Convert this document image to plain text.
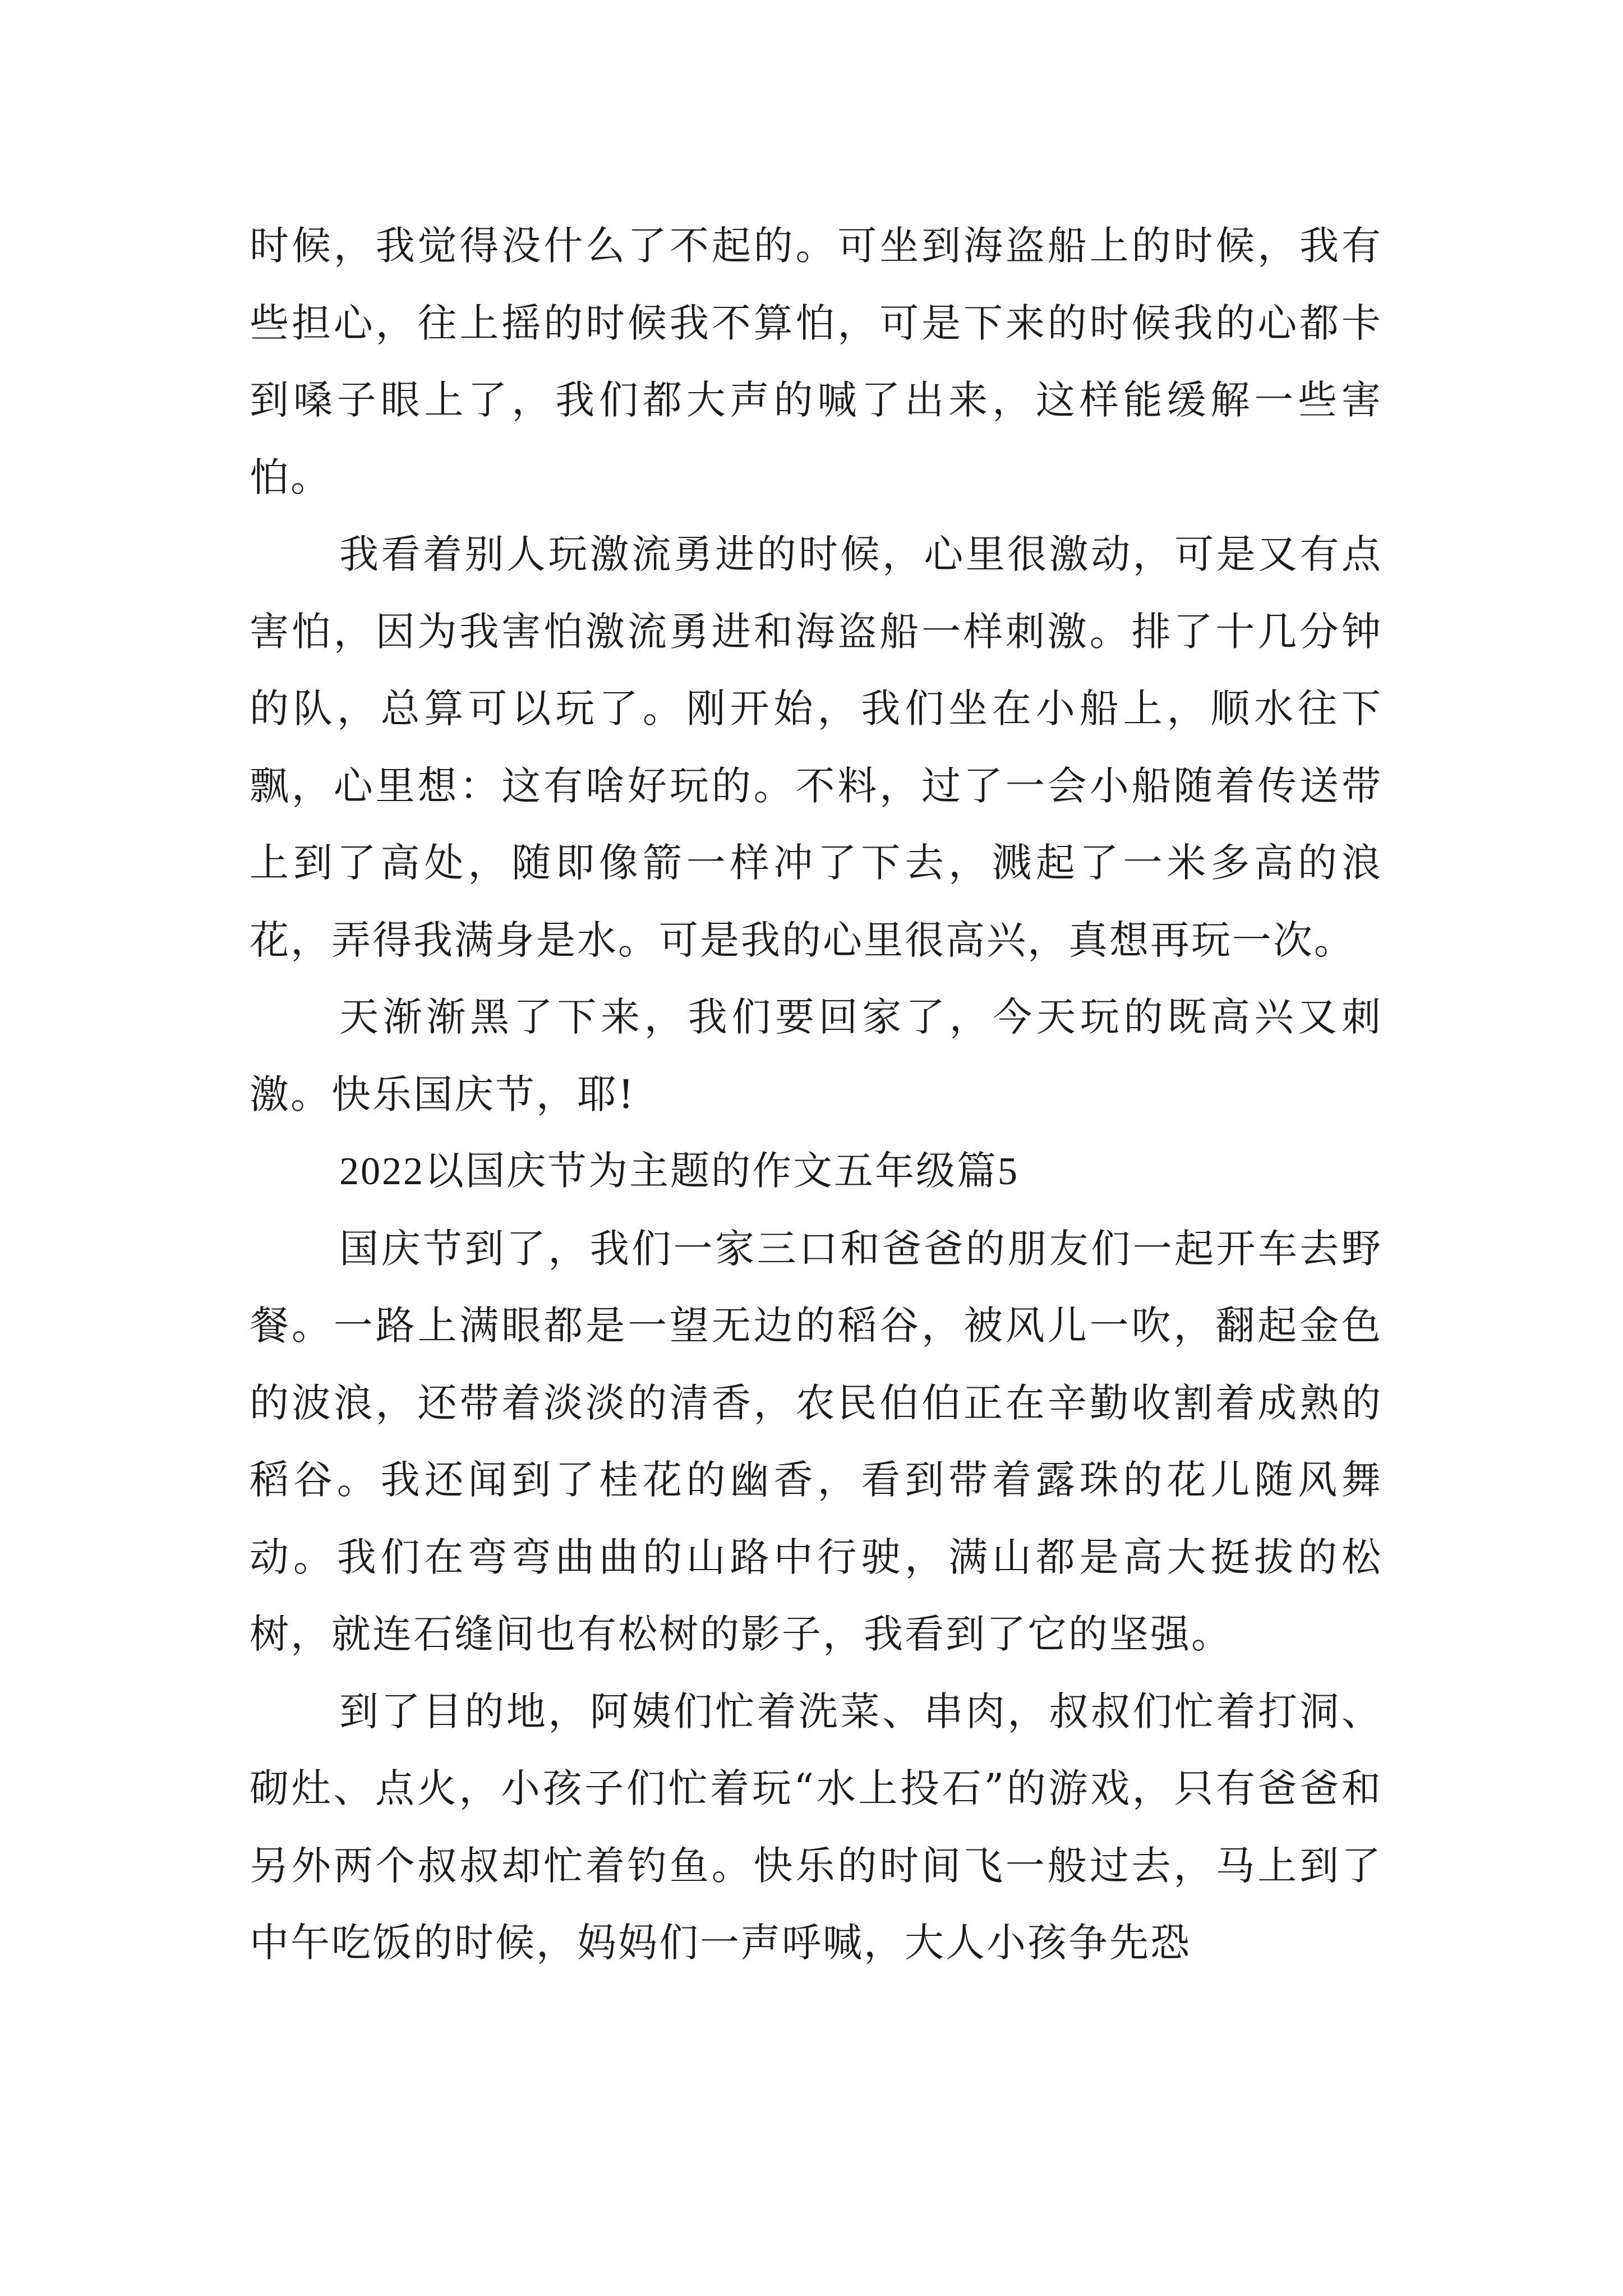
时候，我觉得没什么了不起的。可坐到海盗船上的时候，我有些担心，往上摇的时候我不算怕，可是下来的时候我的心都卡到嗓子眼上了，我们都大声的喊了出来，这样能缓解一些害怕。

我看着别人玩激流勇进的时候，心里很激动，可是又有点害怕，因为我害怕激流勇进和海盗船一样刺激。排了十几分钟的队，总算可以玩了。刚开始，我们坐在小船上，顺水往下飘，心里想：这有啥好玩的。不料，过了一会小船随着传送带上到了高处，随即像箭一样冲了下去，溅起了一米多高的浪花，弄得我满身是水。可是我的心里很高兴，真想再玩一次。

天渐渐黑了下来，我们要回家了，今天玩的既高兴又刺激。快乐国庆节，耶!

2022以国庆节为主题的作文五年级篇5

国庆节到了，我们一家三口和爸爸的朋友们一起开车去野餐。一路上满眼都是一望无边的稻谷，被风儿一吹，翻起金色的波浪，还带着淡淡的清香，农民伯伯正在辛勤收割着成熟的稻谷。我还闻到了桂花的幽香，看到带着露珠的花儿随风舞动。我们在弯弯曲曲的山路中行驶，满山都是高大挺拔的松树，就连石缝间也有松树的影子，我看到了它的坚强。

到了目的地，阿姨们忙着洗菜、串肉，叔叔们忙着打洞、砌灶、点火，小孩子们忙着玩“水上投石”的游戏，只有爸爸和另外两个叔叔却忙着钓鱼。快乐的时间飞一般过去，马上到了中午吃饭的时候，妈妈们一声呼喊，大人小孩争先恐
